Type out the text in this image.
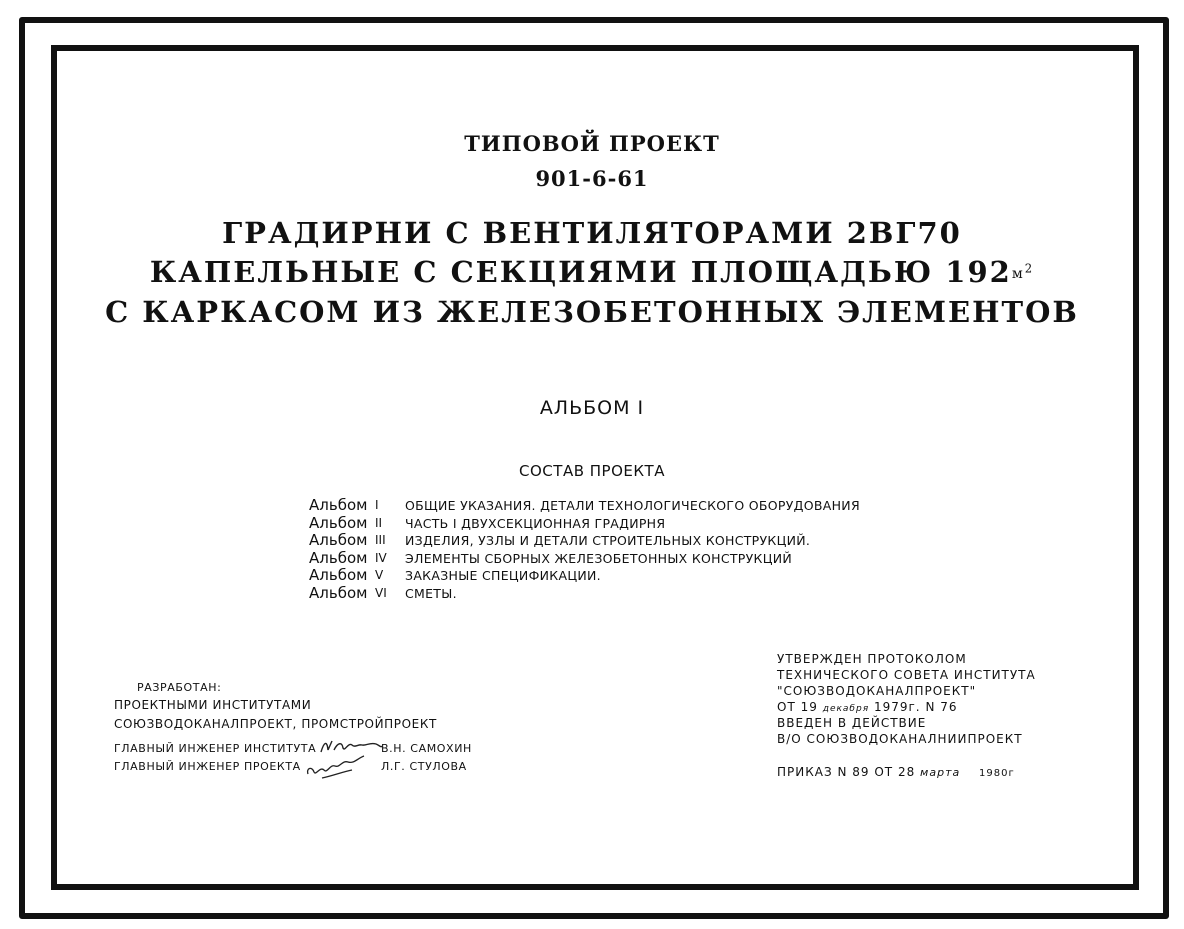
ТИПОВОЙ ПРОЕКТ
901-6-61
ГРАДИРНИ С ВЕНТИЛЯТОРАМИ 2ВГ70
КАПЕЛЬНЫЕ С СЕКЦИЯМИ ПЛОЩАДЬЮ $192^{м^2}$
С КАРКАСОМ ИЗ ЖЕЛЕЗОБЕТОННЫХ ЭЛЕМЕНТОВ
АЛЬБОМ I
СОСТАВ ПРОЕКТА
Альбом I	ОБЩИЕ УКАЗАНИЯ. ДЕТАЛИ ТЕХНОЛОГИЧЕСКОГО ОБОРУДОВАНИЯ
Альбом II	ЧАСТЬ I ДВУХСЕКЦИОННАЯ ГРАДИРНЯ
Альбом III	ИЗДЕЛИЯ, УЗЛЫ И ДЕТАЛИ СТРОИТЕЛЬНЫХ КОНСТРУКЦИЙ.
Альбом IV	ЭЛЕМЕНТЫ СБОРНЫХ ЖЕЛЕЗОБЕТОННЫХ КОНСТРУКЦИЙ
Альбом V	ЗАКАЗНЫЕ СПЕЦИФИКАЦИИ.
Альбом VI	СМЕТЫ.
РАЗРАБОТАН:
ПРОЕКТНЫМИ ИНСТИТУТАМИ
СОЮЗВОДОКАНАЛПРОЕКТ, ПРОМСТРОЙПРОЕКТ
ГЛАВНЫЙ ИНЖЕНЕР ИНСТИТУТА	В.Н. САМОХИН
ГЛАВНЫЙ ИНЖЕНЕР ПРОЕКТА	Л.Г. СТУЛОВА
УТВЕРЖДЕН ПРОТОКОЛОМ
ТЕХНИЧЕСКОГО СОВЕТА ИНСТИТУТА
"СОЮЗВОДОКАНАЛПРОЕКТ"
ОТ 19 декабря 1979г. N 76
ВВЕДЕН В ДЕЙСТВИЕ
В/О СОЮЗВОДОКАНАЛНИИПРОЕКТ
ПРИКАЗ N 89 ОТ 28 марта 1980г
